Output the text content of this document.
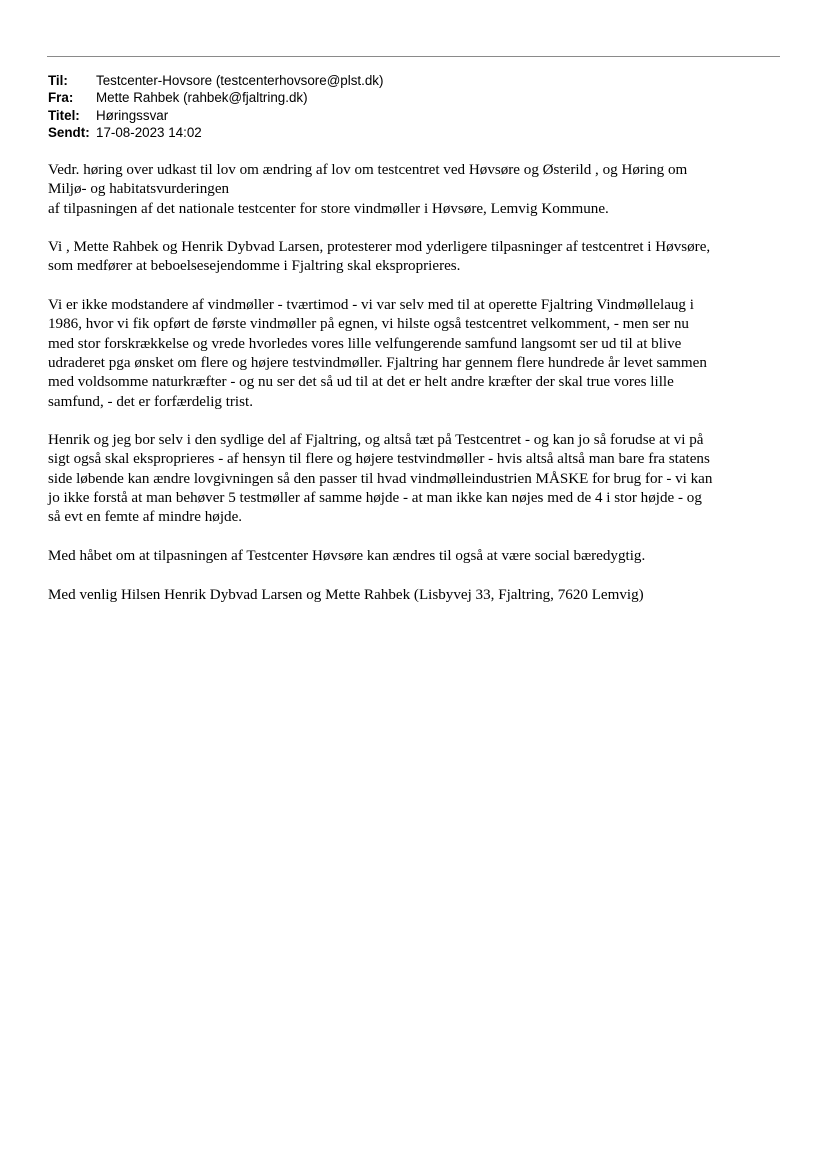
Til:	Testcenter-Hovsore (testcenterhovsore@plst.dk)
Fra:	Mette Rahbek (rahbek@fjaltring.dk)
Titel:	Høringssvar
Sendt: 17-08-2023 14:02

Vedr. høring over udkast til lov om ændring af lov om testcentret ved Høvsøre og Østerild , og Høring om
Miljø- og habitatsvurderingen
af tilpasningen af det nationale testcenter for store vindmøller i Høvsøre, Lemvig Kommune.

Vi , Mette Rahbek og Henrik Dybvad Larsen, protesterer mod yderligere tilpasninger af testcentret i Høvsøre,
som medfører at beboelsesejendomme i Fjaltring skal eksproprieres.

Vi er ikke modstandere af vindmøller - tværtimod - vi var selv med til at operette Fjaltring Vindmøllelaug i
1986, hvor vi fik opført de første vindmøller på egnen, vi hilste også testcentret velkomment, - men ser nu
med stor forskrækkelse og vrede hvorledes vores lille velfungerende samfund langsomt ser ud til at blive
udraderet pga ønsket om flere og højere testvindmøller. Fjaltring har gennem flere hundrede år levet sammen
med voldsomme naturkræfter - og nu ser det så ud til at det er helt andre kræfter der skal true vores lille
samfund, - det er forfærdelig trist.

Henrik og jeg bor selv i den sydlige del af Fjaltring, og altså tæt på Testcentret - og kan jo så forudse at vi på
sigt også skal eksproprieres - af hensyn til flere og højere testvindmøller - hvis altså altså man bare fra statens
side løbende kan ændre lovgivningen så den passer til hvad vindmølleindustrien MÅSKE for brug for - vi kan
jo ikke forstå at man behøver 5 testmøller af samme højde - at man ikke kan nøjes med de 4 i stor højde - og
så evt en femte af mindre højde.

Med håbet om at tilpasningen af Testcenter Høvsøre kan ændres til også at være social bæredygtig.

Med venlig Hilsen Henrik Dybvad Larsen og Mette Rahbek (Lisbyvej 33, Fjaltring, 7620 Lemvig)
